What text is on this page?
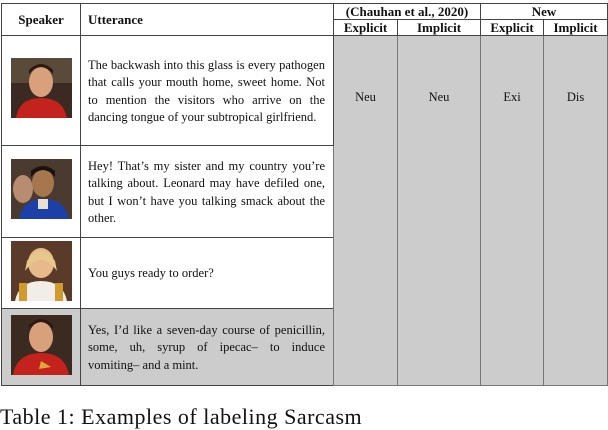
Speaker	Utterance	(Chauhan et al., 2020)		New	
		Explicit	Implicit	Explicit	Implicit
	The backwash into this glass is every pathogen that calls your mouth home, sweet home. Not to mention the visitors who arrive on the dancing tongue of your subtropical girlfriend.	Neu	Neu	Exi	Dis
	Hey! That’s my sister and my country you’re talking about. Leonard may have defiled one, but I won’t have you talking smack about the other.				
	You guys ready to order?				
	Yes, I’d like a seven-day course of penicillin, some, uh, syrup of ipecac– to induce vomiting– and a mint.				
Table 1: Examples of labeling Sarcasm
